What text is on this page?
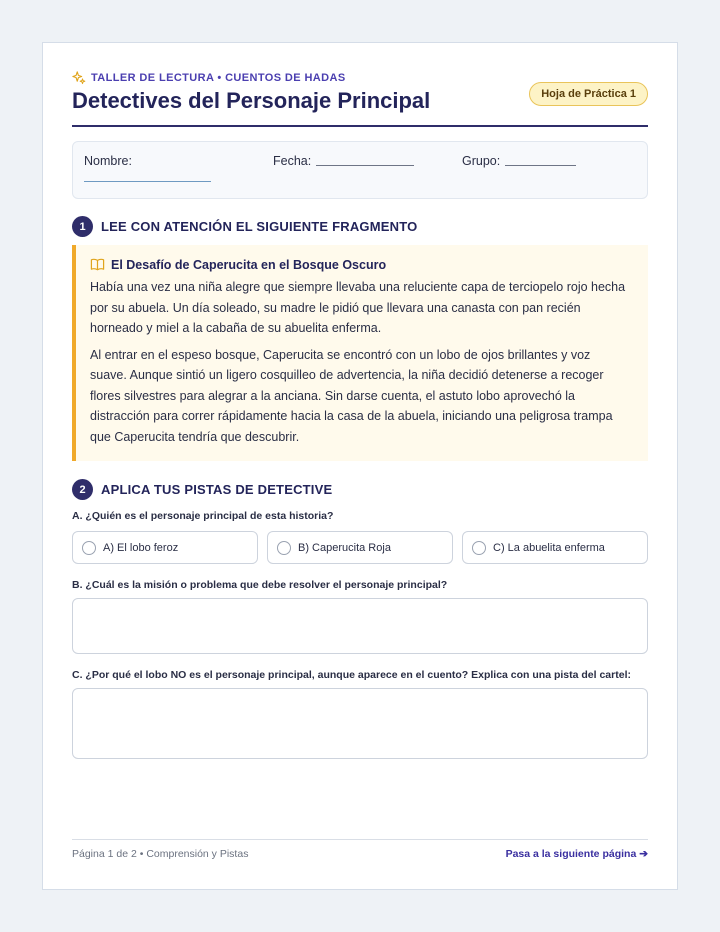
TALLER DE LECTURA • CUENTOS DE HADAS
Detectives del Personaje Principal	Hoja de Práctica 1
Nombre:	Fecha:	Grupo:
1	LEE CON ATENCIÓN EL SIGUIENTE FRAGMENTO
El Desafío de Caperucita en el Bosque Oscuro

Había una vez una niña alegre que siempre llevaba una reluciente capa de terciopelo rojo hecha por su abuela. Un día soleado, su madre le pidió que llevara una canasta con pan recién horneado y miel a la cabaña de su abuelita enferma.

Al entrar en el espeso bosque, Caperucita se encontró con un lobo de ojos brillantes y voz suave. Aunque sintió un ligero cosquilleo de advertencia, la niña decidió detenerse a recoger flores silvestres para alegrar a la anciana. Sin darse cuenta, el astuto lobo aprovechó la distracción para correr rápidamente hacia la casa de la abuela, iniciando una peligrosa trampa que Caperucita tendría que descubrir.

2	APLICA TUS PISTAS DE DETECTIVE
A. ¿Quién es el personaje principal de esta historia?
A) El lobo feroz	B) Caperucita Roja	C) La abuelita enferma
B. ¿Cuál es la misión o problema que debe resolver el personaje principal?
C. ¿Por qué el lobo NO es el personaje principal, aunque aparece en el cuento? Explica con una pista del cartel:
Página 1 de 2 • Comprensión y Pistas	Pasa a la siguiente página ➔
